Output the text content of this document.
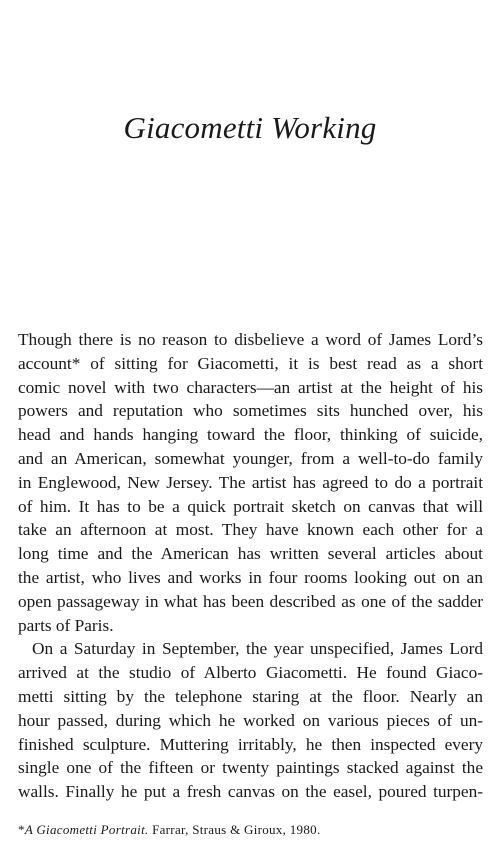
Giacometti Working
Though there is no reason to disbelieve a word of James Lord’s
account* of sitting for Giacometti, it is best read as a short
comic novel with two characters—an artist at the height of his
powers and reputation who sometimes sits hunched over, his
head and hands hanging toward the floor, thinking of suicide,
and an American, somewhat younger, from a well-to-do family
in Englewood, New Jersey. The artist has agreed to do a portrait
of him. It has to be a quick portrait sketch on canvas that will
take an afternoon at most. They have known each other for a
long time and the American has written several articles about
the artist, who lives and works in four rooms looking out on an
open passageway in what has been described as one of the sadder
parts of Paris.
On a Saturday in September, the year unspecified, James Lord
arrived at the studio of Alberto Giacometti. He found Giaco-
metti sitting by the telephone staring at the floor. Nearly an
hour passed, during which he worked on various pieces of un-
finished sculpture. Muttering irritably, he then inspected every
single one of the fifteen or twenty paintings stacked against the
walls. Finally he put a fresh canvas on the easel, poured turpen-
*A Giacometti Portrait. Farrar, Straus & Giroux, 1980.
